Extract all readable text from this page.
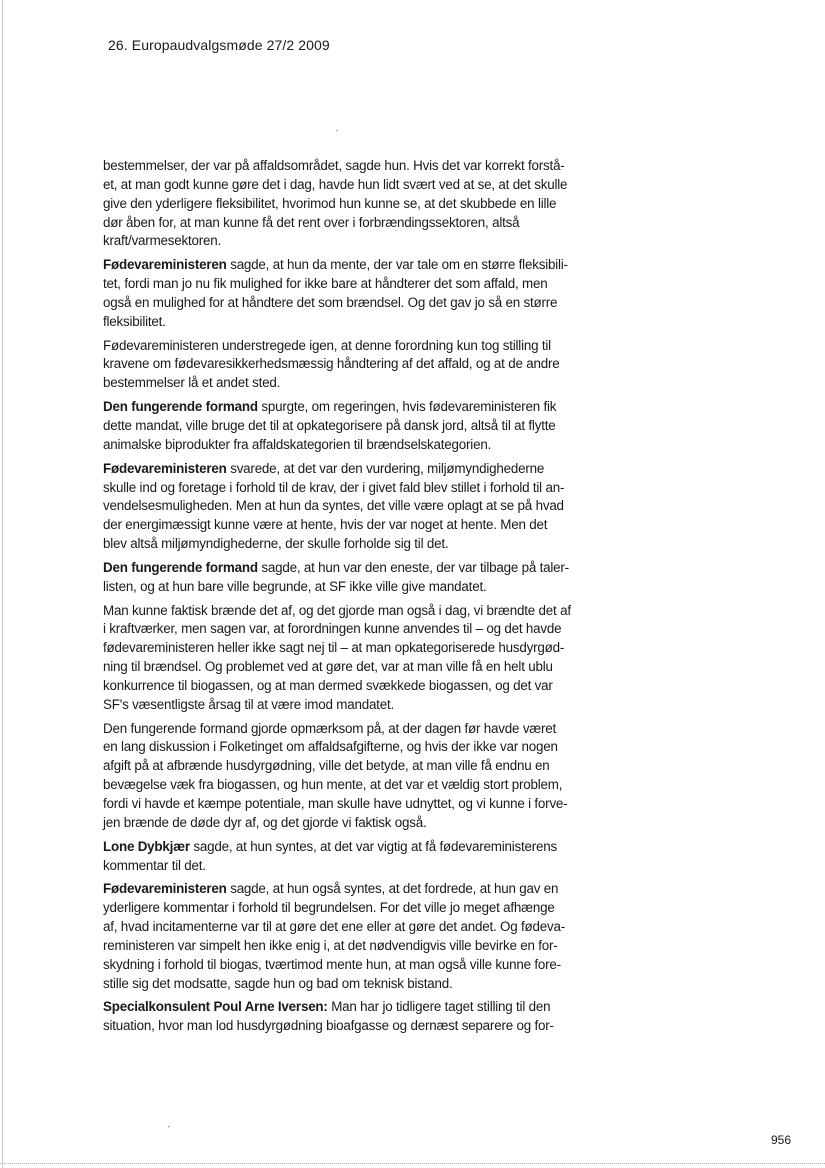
26. Europaudvalgsmøde 27/2 2009

bestemmelser, der var på affaldsområdet, sagde hun. Hvis det var korrekt forstå-
et, at man godt kunne gøre det i dag, havde hun lidt svært ved at se, at det skulle
give den yderligere fleksibilitet, hvorimod hun kunne se, at det skubbede en lille
dør åben for, at man kunne få det rent over i forbrændingssektoren, altså
kraft/varmesektoren.

Fødevareministeren sagde, at hun da mente, der var tale om en større fleksibili-
tet, fordi man jo nu fik mulighed for ikke bare at håndterer det som affald, men
også en mulighed for at håndtere det som brændsel. Og det gav jo så en større
fleksibilitet.

Fødevareministeren understregede igen, at denne forordning kun tog stilling til
kravene om fødevaresikkerhedsmæssig håndtering af det affald, og at de andre
bestemmelser lå et andet sted.

Den fungerende formand spurgte, om regeringen, hvis fødevareministeren fik
dette mandat, ville bruge det til at opkategorisere på dansk jord, altså til at flytte
animalske biprodukter fra affaldskategorien til brændselskategorien.

Fødevareministeren svarede, at det var den vurdering, miljømyndighederne
skulle ind og foretage i forhold til de krav, der i givet fald blev stillet i forhold til an-
vendelsesmuligheden. Men at hun da syntes, det ville være oplagt at se på hvad
der energimæssigt kunne være at hente, hvis der var noget at hente. Men det
blev altså miljømyndighederne, der skulle forholde sig til det.

Den fungerende formand sagde, at hun var den eneste, der var tilbage på taler-
listen, og at hun bare ville begrunde, at SF ikke ville give mandatet.

Man kunne faktisk brænde det af, og det gjorde man også i dag, vi brændte det af
i kraftværker, men sagen var, at forordningen kunne anvendes til – og det havde
fødevareministeren heller ikke sagt nej til – at man opkategoriserede husdyrgød-
ning til brændsel. Og problemet ved at gøre det, var at man ville få en helt ublu
konkurrence til biogassen, og at man dermed svækkede biogassen, og det var
SF's væsentligste årsag til at være imod mandatet.

Den fungerende formand gjorde opmærksom på, at der dagen før havde været
en lang diskussion i Folketinget om affaldsafgifterne, og hvis der ikke var nogen
afgift på at afbrænde husdyrgødning, ville det betyde, at man ville få endnu en
bevægelse væk fra biogassen, og hun mente, at det var et vældig stort problem,
fordi vi havde et kæmpe potentiale, man skulle have udnyttet, og vi kunne i forve-
jen brænde de døde dyr af, og det gjorde vi faktisk også.

Lone Dybkjær sagde, at hun syntes, at det var vigtig at få fødevareministerens
kommentar til det.

Fødevareministeren sagde, at hun også syntes, at det fordrede, at hun gav en
yderligere kommentar i forhold til begrundelsen. For det ville jo meget afhænge
af, hvad incitamenterne var til at gøre det ene eller at gøre det andet. Og fødeva-
reministeren var simpelt hen ikke enig i, at det nødvendigvis ville bevirke en for-
skydning i forhold til biogas, tværtimod mente hun, at man også ville kunne fore-
stille sig det modsatte, sagde hun og bad om teknisk bistand.

Specialkonsulent Poul Arne Iversen: Man har jo tidligere taget stilling til den
situation, hvor man lod husdyrgødning bioafgasse og dernæst separere og for-

956
